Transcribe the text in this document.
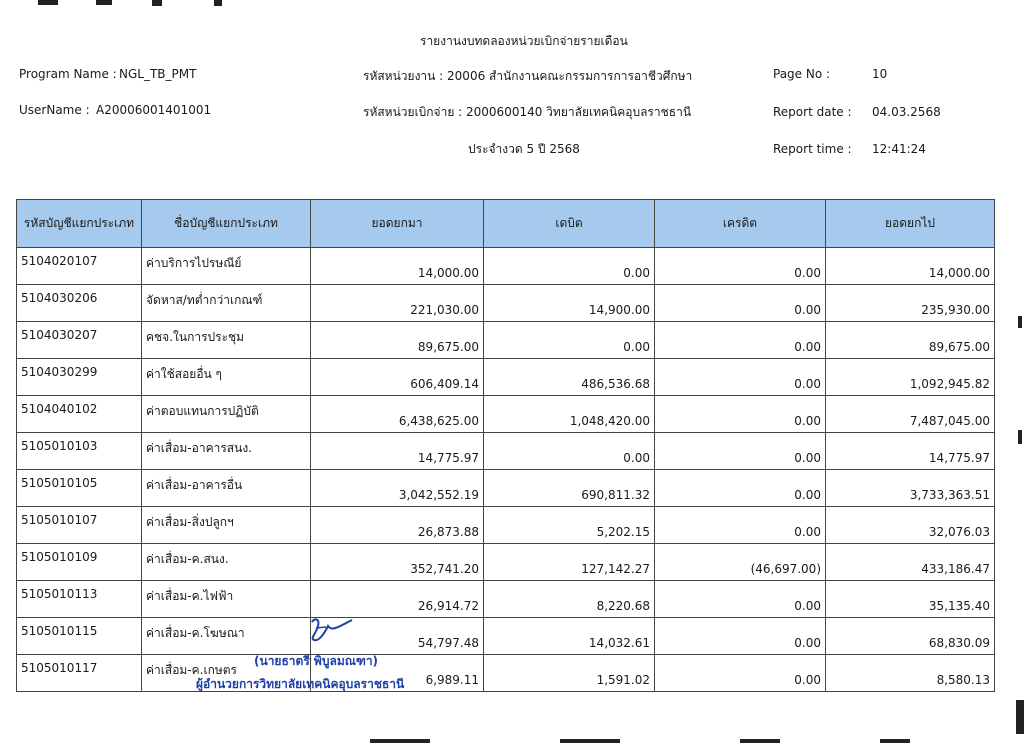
รายงานงบทดลองหน่วยเบิกจ่ายรายเดือน
Program Name : NGL_TB_PMT
UserName : A20006001401001
รหัสหน่วยงาน : 20006 สำนักงานคณะกรรมการการอาชีวศึกษา
รหัสหน่วยเบิกจ่าย : 2000600140 วิทยาลัยเทคนิคอุบลราชธานี
ประจำงวด 5 ปี 2568
Page No :	10
Report date : 04.03.2568
Report time : 12:41:24
รหัสบัญชีแยกประเภท	ชื่อบัญชีแยกประเภท	ยอดยกมา	เดบิต	เครดิต	ยอดยกไป
5104020107	ค่าบริการไปรษณีย์	14,000.00	0.00	0.00	14,000.00
5104030206	จัดหาส/ทต่ำกว่าเกณฑ์	221,030.00	14,900.00	0.00	235,930.00
5104030207	คชจ.ในการประชุม	89,675.00	0.00	0.00	89,675.00
5104030299	ค่าใช้สอยอื่น ๆ	606,409.14	486,536.68	0.00	1,092,945.82
5104040102	ค่าตอบแทนการปฏิบัติ	6,438,625.00	1,048,420.00	0.00	7,487,045.00
5105010103	ค่าเสื่อม-อาคารสนง.	14,775.97	0.00	0.00	14,775.97
5105010105	ค่าเสื่อม-อาคารอื่น	3,042,552.19	690,811.32	0.00	3,733,363.51
5105010107	ค่าเสื่อม-สิ่งปลูกฯ	26,873.88	5,202.15	0.00	32,076.03
5105010109	ค่าเสื่อม-ค.สนง.	352,741.20	127,142.27	(46,697.00)	433,186.47
5105010113	ค่าเสื่อม-ค.ไฟฟ้า	26,914.72	8,220.68	0.00	35,135.40
5105010115	ค่าเสื่อม-ค.โฆษณา	54,797.48	14,032.61	0.00	68,830.09
5105010117	ค่าเสื่อม-ค.เกษตร	6,989.11	1,591.02	0.00	8,580.13
(นายธาตรี พิบูลมณฑา)
ผู้อำนวยการวิทยาลัยเทคนิคอุบลราชธานี
